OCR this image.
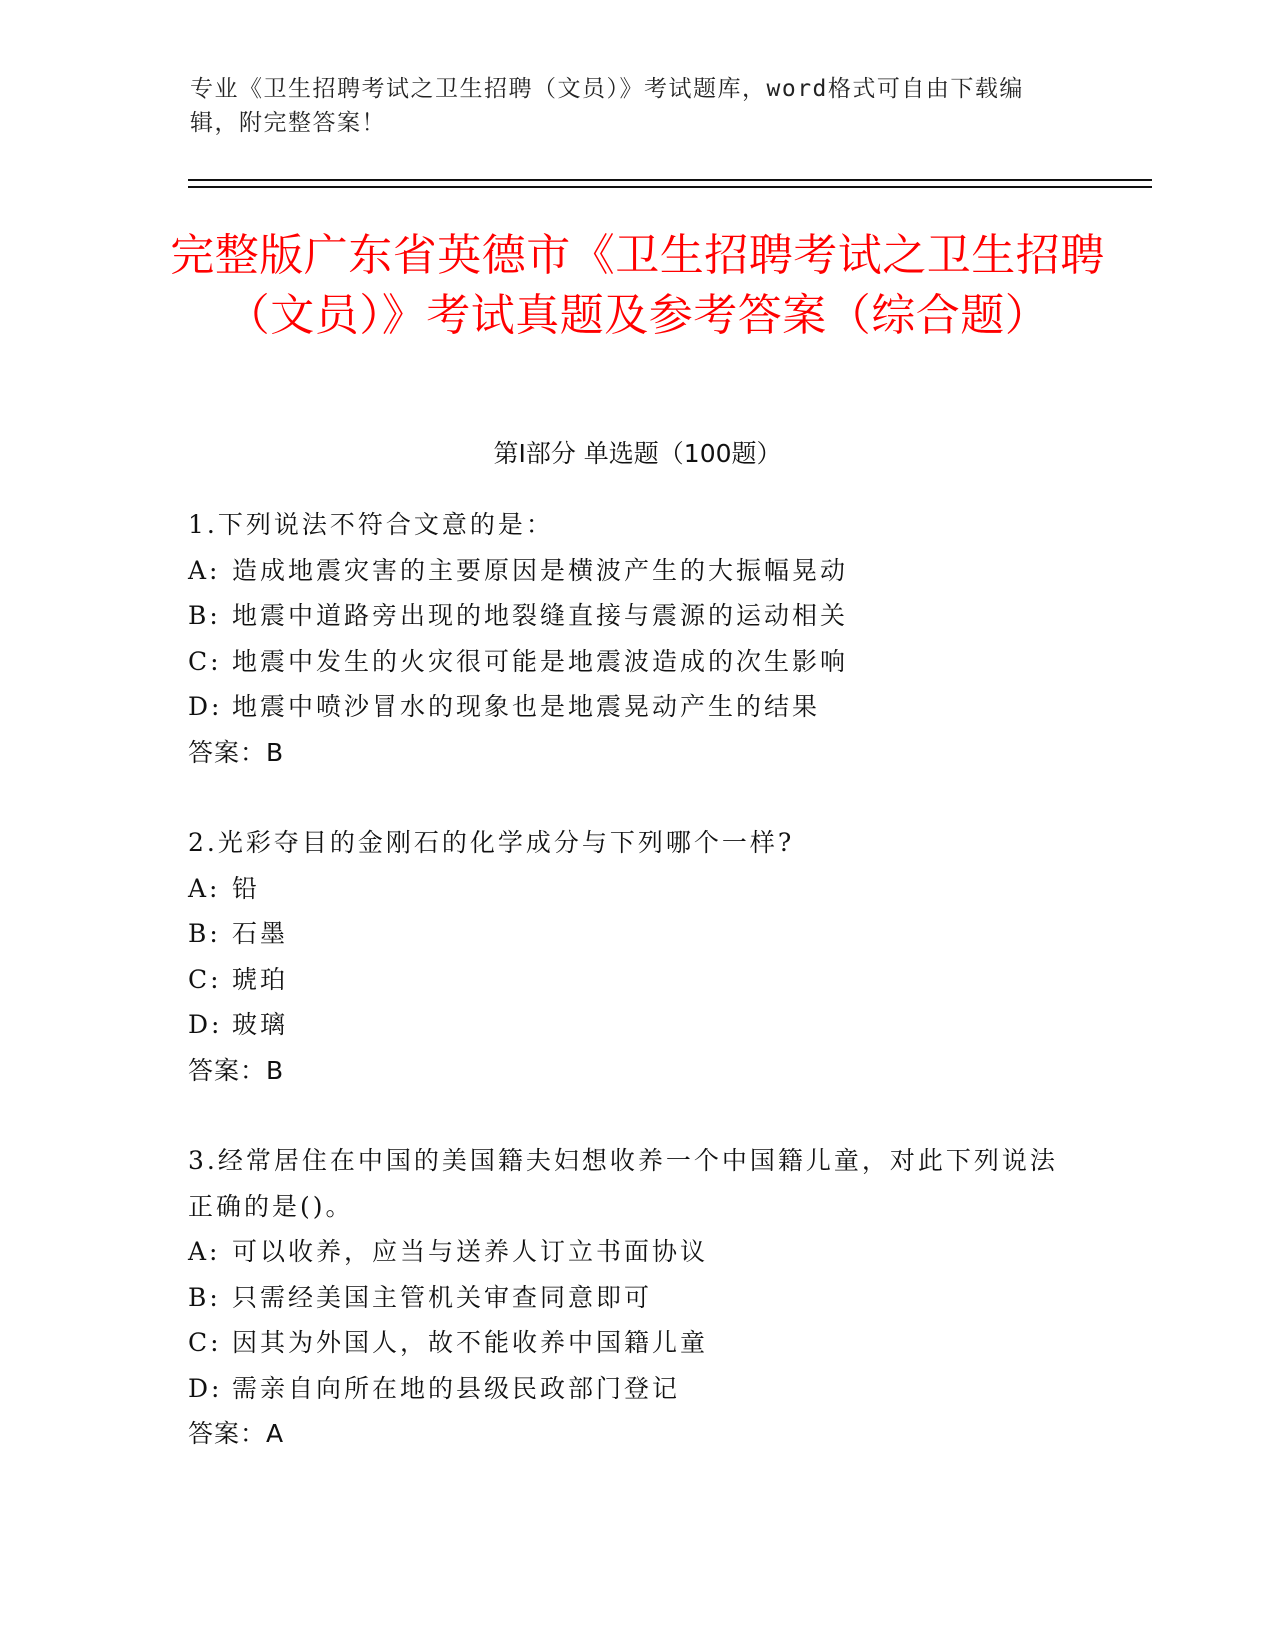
专业《卫生招聘考试之卫生招聘（文员）》考试题库，word格式可自由下载编辑，附完整答案！
完整版广东省英德市《卫生招聘考试之卫生招聘（文员）》考试真题及参考答案（综合题）
第Ⅰ部分 单选题（100题）
1.下列说法不符合文意的是：
A: 造成地震灾害的主要原因是横波产生的大振幅晃动
B: 地震中道路旁出现的地裂缝直接与震源的运动相关
C: 地震中发生的火灾很可能是地震波造成的次生影响
D: 地震中喷沙冒水的现象也是地震晃动产生的结果
答案：B
2.光彩夺目的金刚石的化学成分与下列哪个一样?
A: 铅
B: 石墨
C: 琥珀
D: 玻璃
答案：B
3.经常居住在中国的美国籍夫妇想收养一个中国籍儿童，对此下列说法正确的是()。
A: 可以收养，应当与送养人订立书面协议
B: 只需经美国主管机关审查同意即可
C: 因其为外国人，故不能收养中国籍儿童
D: 需亲自向所在地的县级民政部门登记
答案：A
